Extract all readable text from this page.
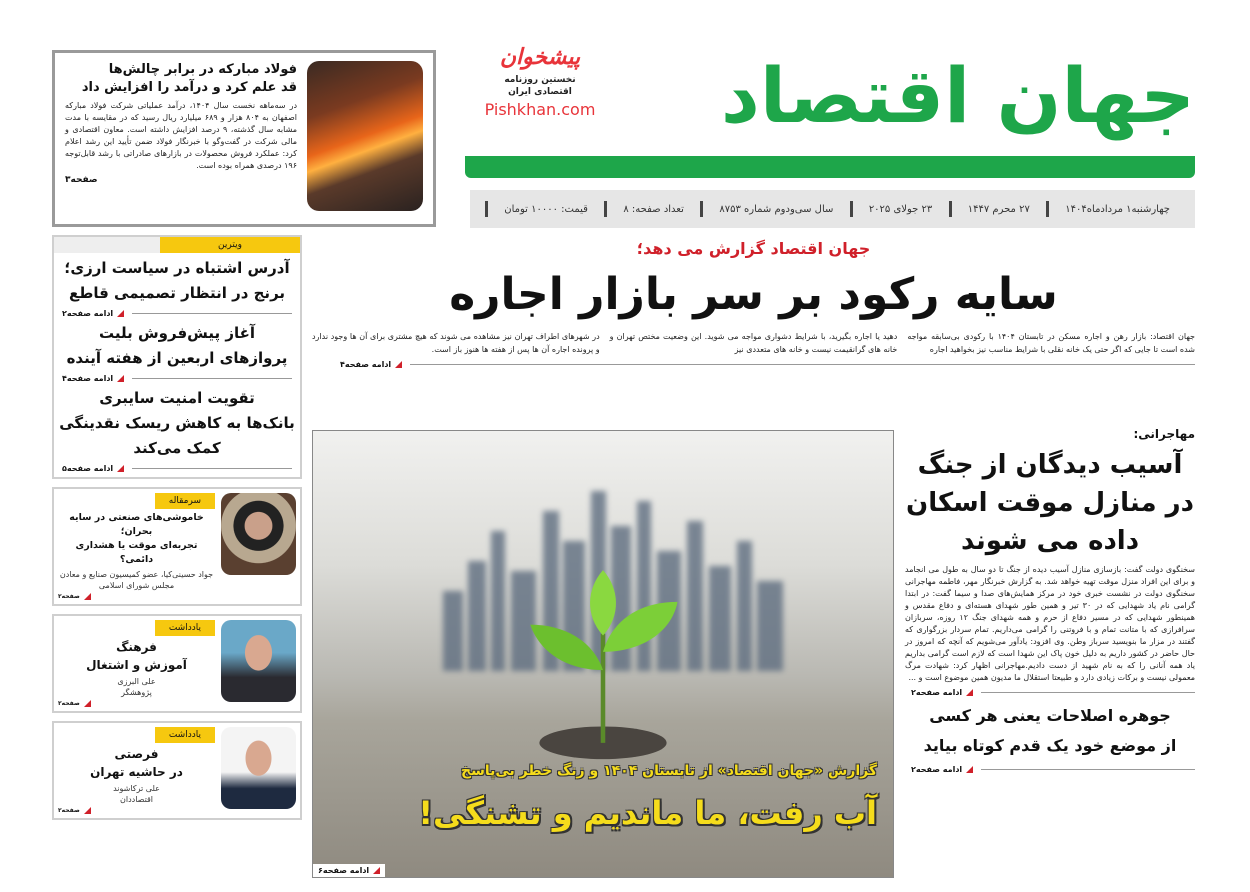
فولاد مبارکه در برابر چالش‌ها
قد علم کرد و درآمد را افزایش داد
در سه‌ماهه نخست سال ۱۴۰۴، درآمد عملیاتی شرکت فولاد مبارکه اصفهان به ۸۰۴ هزار و ۶۸۹ میلیارد ریال رسید که در مقایسه با مدت مشابه سال گذشته، ۹ درصد افزایش داشته است. معاون اقتصادی و مالی شرکت در گفت‌وگو با خبرنگار فولاد ضمن تأیید این رشد اعلام کرد: عملکرد فروش محصولات در بازارهای صادراتی با رشد قابل‌توجه ۱۹۶ درصدی همراه بوده است.
صفحه۳
ویترین
آدرس اشتباه در سیاست ارزی؛
برنج در انتظار تصمیمی قاطع
ادامه صفحه۲
آغاز پیش‌فروش بلیت
پروازهای اربعین از هفته آینده
ادامه صفحه۴
تقویت امنیت سایبری
بانک‌ها به کاهش ریسک نقدینگی
کمک می‌کند
ادامه صفحه۵
سرمقاله
خاموشی‌های صنعتی در سایه بحران؛
تجربه‌ای موقت یا هشداری دائمی؟
جواد حسینی‌کیا، عضو کمیسیون صنایع و معادن
مجلس شورای اسلامی
صفحه۲
یادداشت
فرهنگ
آموزش و اشتغال
علی البرزی
پژوهشگر
صفحه۲
یادداشت
فرصتی
در حاشیه تهران
علی ترکاشوند
اقتصاددان
صفحه۲
جهان اقتصاد
پیشخوان
نخستین روزنامه اقتصادی ایران
Pishkhan.com
چهارشنبه۱ مردادماه۱۴۰۴
۲۷ محرم ۱۴۴۷
۲۳ جولای ۲۰۲۵
سال سی‌ودوم شماره ۸۷۵۳
تعداد صفحه: ۸
قیمت: ۱۰۰۰۰ تومان
جهان اقتصاد گزارش می دهد؛
سایه رکود بر سر بازار اجاره
جهان اقتصاد: بازار رهن و اجاره مسکن در تابستان ۱۴۰۴ با رکودی بی‌سابقه مواجه شده است تا جایی که اگر حتی یک خانه نقلی با شرایط مناسب نیز بخواهید اجاره
دهید یا اجاره بگیرید، با شرایط دشواری مواجه می شوید. این وضعیت مختص تهران و خانه های گرانقیمت نیست و خانه های متعددی نیز
در شهرهای اطراف تهران نیز مشاهده می شوند که هیچ مشتری برای آن ها وجود ندارد و پرونده اجاره آن ها پس از هفته ها هنوز باز است.
ادامه صفحه۴
گزارش «جهان اقتصاد» از تابستان ۱۴۰۴ و زنگ خطر بی‌پاسخ
آب رفت، ما ماندیم و تشنگی!
ادامه صفحه۶
مهاجرانی:
آسیب دیدگان از جنگ
در منازل موقت اسکان
داده می شوند
سخنگوی دولت گفت: بازسازی منازل آسیب دیده از جنگ تا دو سال به طول می انجامد و برای این افراد منزل موقت تهیه خواهد شد. به گزارش خبرنگار مهر، فاطمه مهاجرانی سخنگوی دولت در نشست خبری خود در مرکز همایش‌های صدا و سیما گفت: در ابتدا گرامی نام یاد شهدایی که در ۳۰ تیر و همین طور شهدای هسته‌ای و دفاع مقدس و همینطور شهدایی که در مسیر دفاع از حرم و همه شهدای جنگ ۱۲ روزه، سربازان سرافرازی که با متانت تمام و با فروتنی را گرامی می‌داریم. تمام سردار بزرگواری که گفتند در مزار ما بنویسید سرباز وطن. وی افزود: یادآور می‌شویم که آنچه که امروز در حال حاضر در کشور داریم به دلیل خون پاک این شهدا است که لازم است گرامی بداریم یاد همه آنانی را که به نام شهید از دست دادیم.مهاجرانی اظهار کرد: شهادت مرگ معمولی نیست و برکات زیادی دارد و طبیعتا استقلال ما مدیون همین موضوع است و ...
ادامه صفحه۲
جوهره اصلاحات یعنی هر کسی
از موضع خود یک قدم کوتاه بیاید
ادامه صفحه۲
